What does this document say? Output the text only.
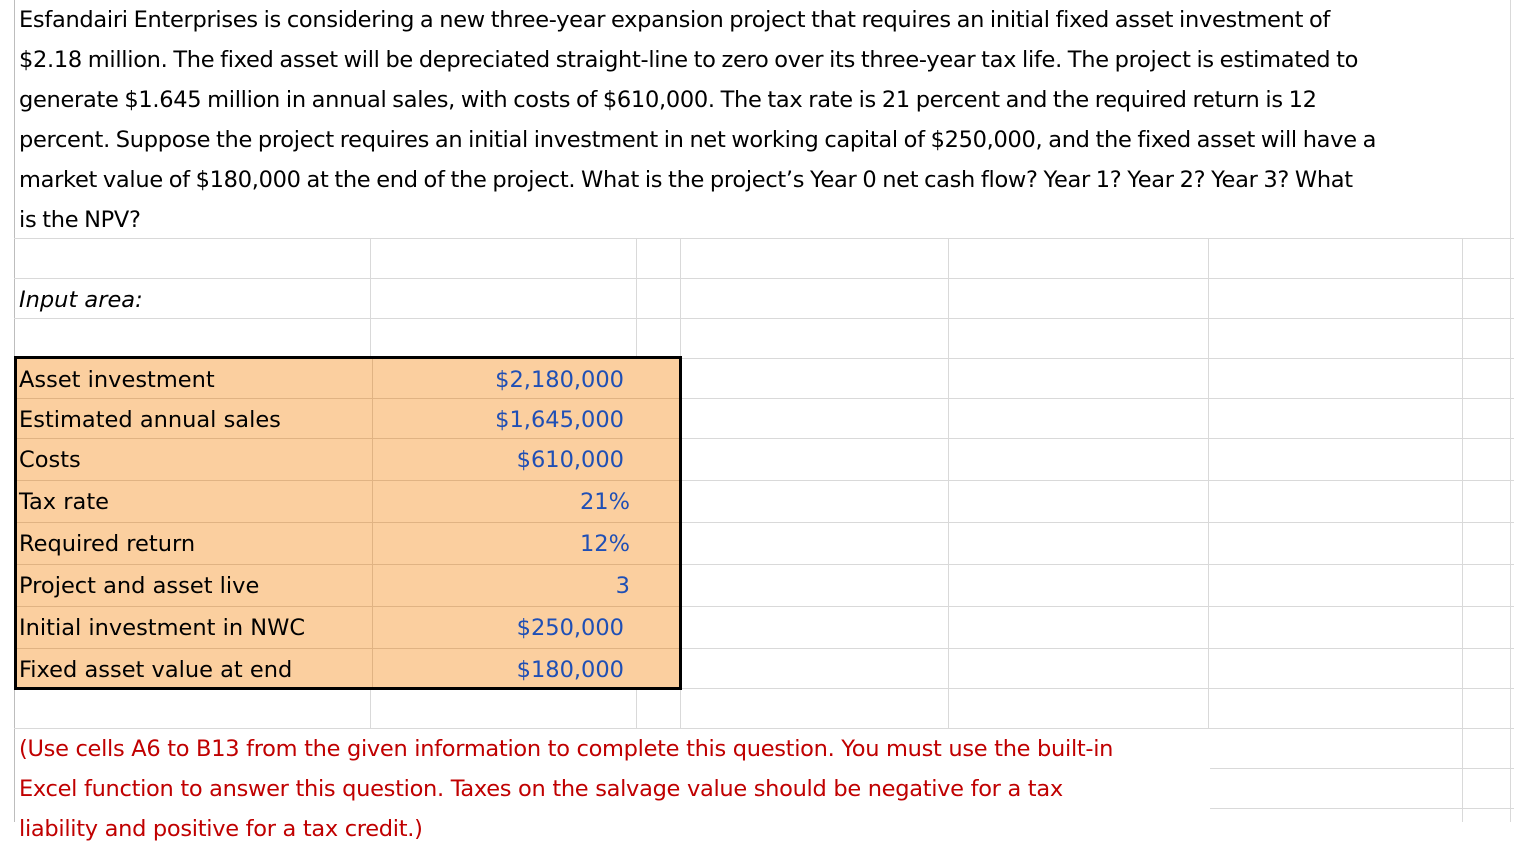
Esfandairi Enterprises is considering a new three-year expansion project that requires an initial fixed asset investment of
$2.18 million. The fixed asset will be depreciated straight-line to zero over its three-year tax life. The project is estimated to
generate $1.645 million in annual sales, with costs of $610,000. The tax rate is 21 percent and the required return is 12
percent. Suppose the project requires an initial investment in net working capital of $250,000, and the fixed asset will have a
market value of $180,000 at the end of the project. What is the project’s Year 0 net cash flow? Year 1? Year 2? Year 3? What
is the NPV?
Input area:
Asset investment	$2,180,000
Estimated annual sales	$1,645,000
Costs	$610,000
Tax rate	21%
Required return	12%
Project and asset live	3
Initial investment in NWC	$250,000
Fixed asset value at end	$180,000
(Use cells A6 to B13 from the given information to complete this question. You must use the built-in
Excel function to answer this question. Taxes on the salvage value should be negative for a tax
liability and positive for a tax credit.)
